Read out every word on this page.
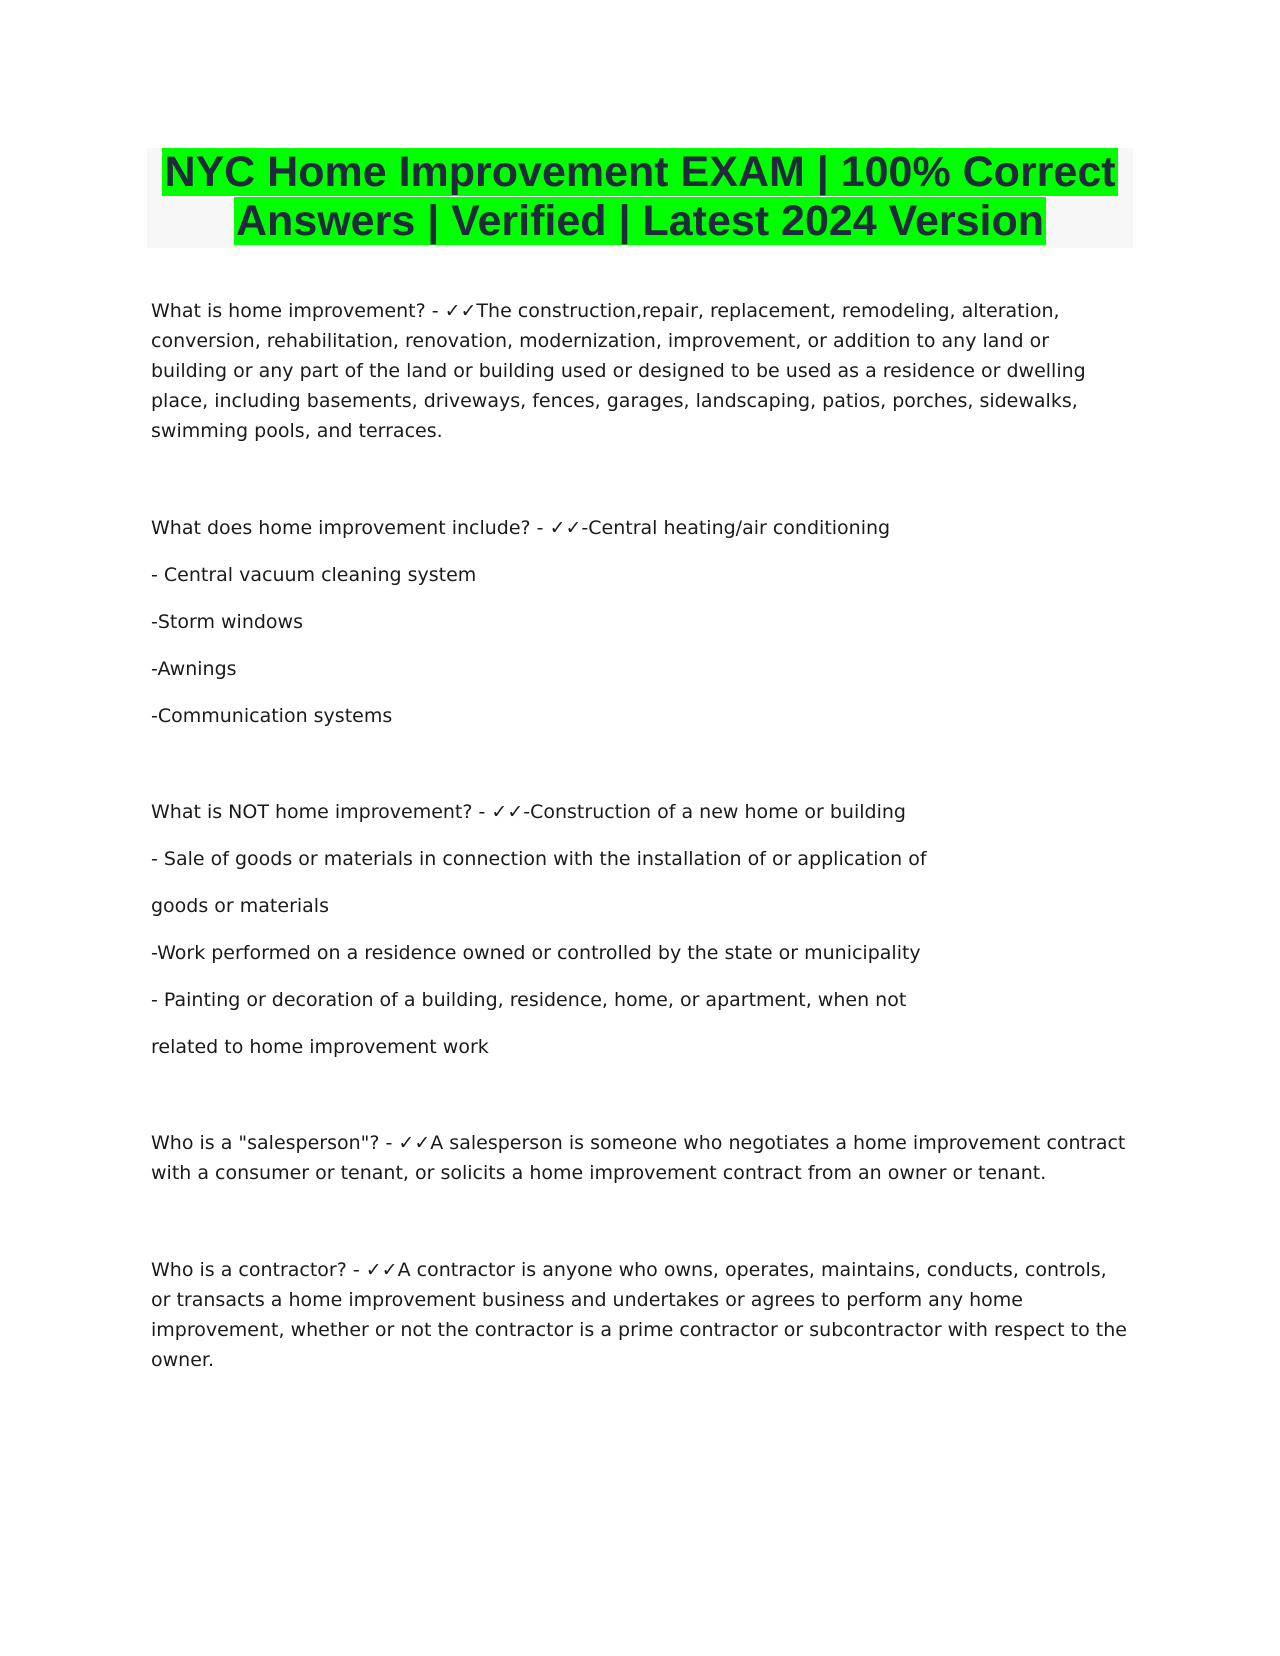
NYC Home Improvement EXAM | 100% Correct
Answers | Verified | Latest 2024 Version

What is home improvement? - ✓✓The construction,repair, replacement, remodeling, alteration, conversion, rehabilitation, renovation, modernization, improvement, or addition to any land or building or any part of the land or building used or designed to be used as a residence or dwelling place, including basements, driveways, fences, garages, landscaping, patios, porches, sidewalks, swimming pools, and terraces.

What does home improvement include? - ✓✓-Central heating/air conditioning

- Central vacuum cleaning system

-Storm windows

-Awnings

-Communication systems

What is NOT home improvement? - ✓✓-Construction of a new home or building

- Sale of goods or materials in connection with the installation of or application of

goods or materials

-Work performed on a residence owned or controlled by the state or municipality

- Painting or decoration of a building, residence, home, or apartment, when not

related to home improvement work

Who is a "salesperson"? - ✓✓A salesperson is someone who negotiates a home improvement contract with a consumer or tenant, or solicits a home improvement contract from an owner or tenant.

Who is a contractor? - ✓✓A contractor is anyone who owns, operates, maintains, conducts, controls, or transacts a home improvement business and undertakes or agrees to perform any home improvement, whether or not the contractor is a prime contractor or subcontractor with respect to the owner.
